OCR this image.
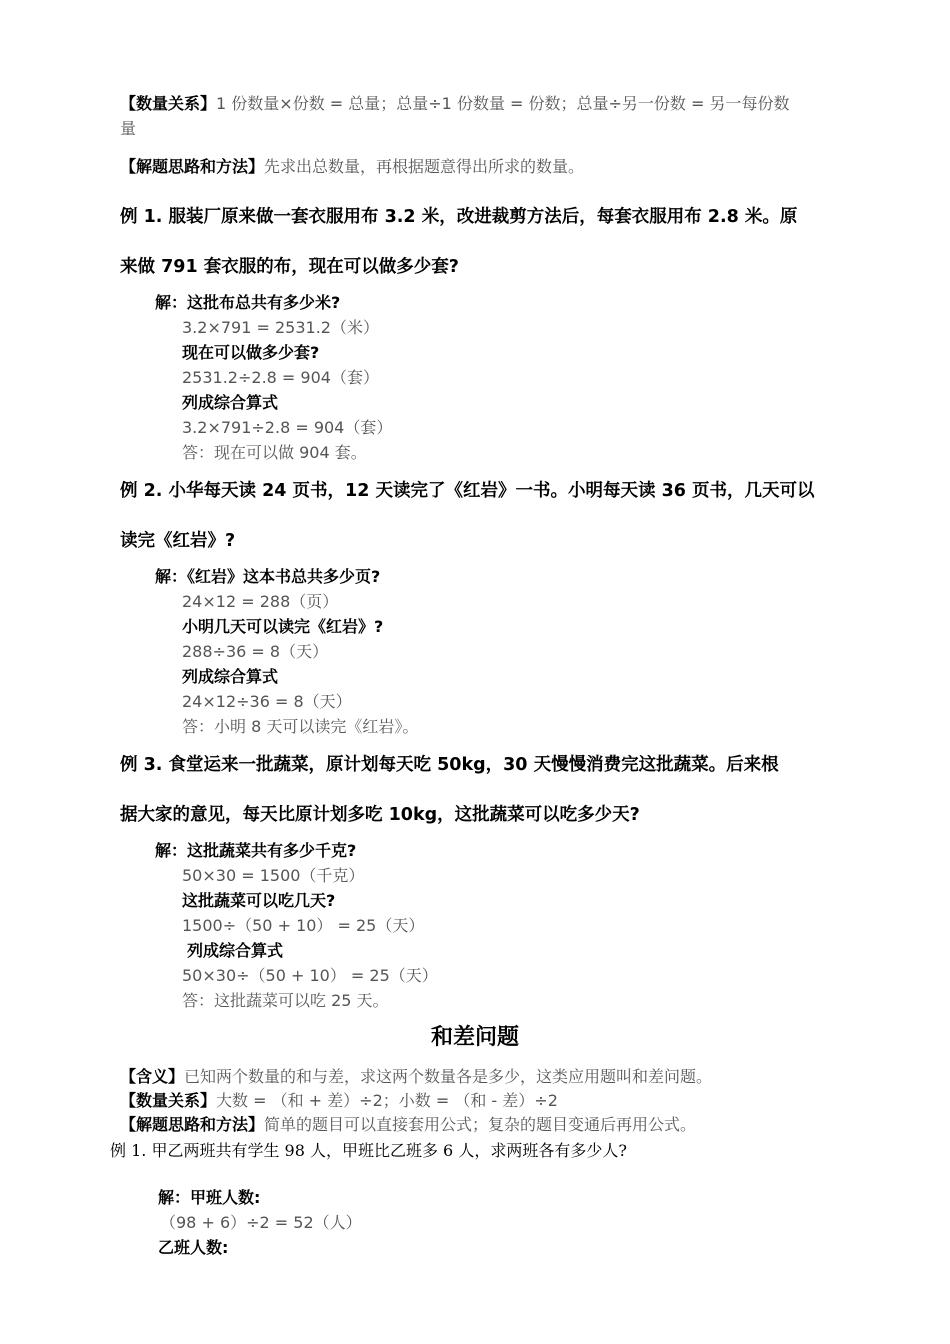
【数量关系】1 份数量×份数 = 总量；总量÷1 份数量 = 份数；总量÷另一份数 = 另一每份数
量
【解题思路和方法】先求出总数量，再根据题意得出所求的数量。
例 1. 服装厂原来做一套衣服用布 3.2 米，改进裁剪方法后，每套衣服用布 2.8 米。原
来做 791 套衣服的布，现在可以做多少套?
解：这批布总共有多少米?
3.2×791 = 2531.2（米）
现在可以做多少套?
2531.2÷2.8 = 904（套）
列成综合算式
3.2×791÷2.8 = 904（套）
答：现在可以做 904 套。
例 2. 小华每天读 24 页书，12 天读完了《红岩》一书。小明每天读 36 页书，几天可以
读完《红岩》?
解：《红岩》这本书总共多少页?
24×12 = 288（页）
小明几天可以读完《红岩》?
288÷36 = 8（天）
列成综合算式
24×12÷36 = 8（天）
答：小明 8 天可以读完《红岩》。
例 3. 食堂运来一批蔬菜，原计划每天吃 50kg，30 天慢慢消费完这批蔬菜。后来根
据大家的意见，每天比原计划多吃 10kg，这批蔬菜可以吃多少天?
解：这批蔬菜共有多少千克?
50×30 = 1500（千克）
这批蔬菜可以吃几天?
1500÷（50 + 10） = 25（天）
列成综合算式
50×30÷（50 + 10） = 25（天）
答：这批蔬菜可以吃 25 天。
和差问题
【含义】已知两个数量的和与差，求这两个数量各是多少，这类应用题叫和差问题。
【数量关系】大数 = （和 + 差）÷2；小数 = （和 - 差）÷2
【解题思路和方法】简单的题目可以直接套用公式；复杂的题目变通后再用公式。
例 1. 甲乙两班共有学生 98 人，甲班比乙班多 6 人，求两班各有多少人?
解：甲班人数:
（98 + 6）÷2 = 52（人）
乙班人数:
